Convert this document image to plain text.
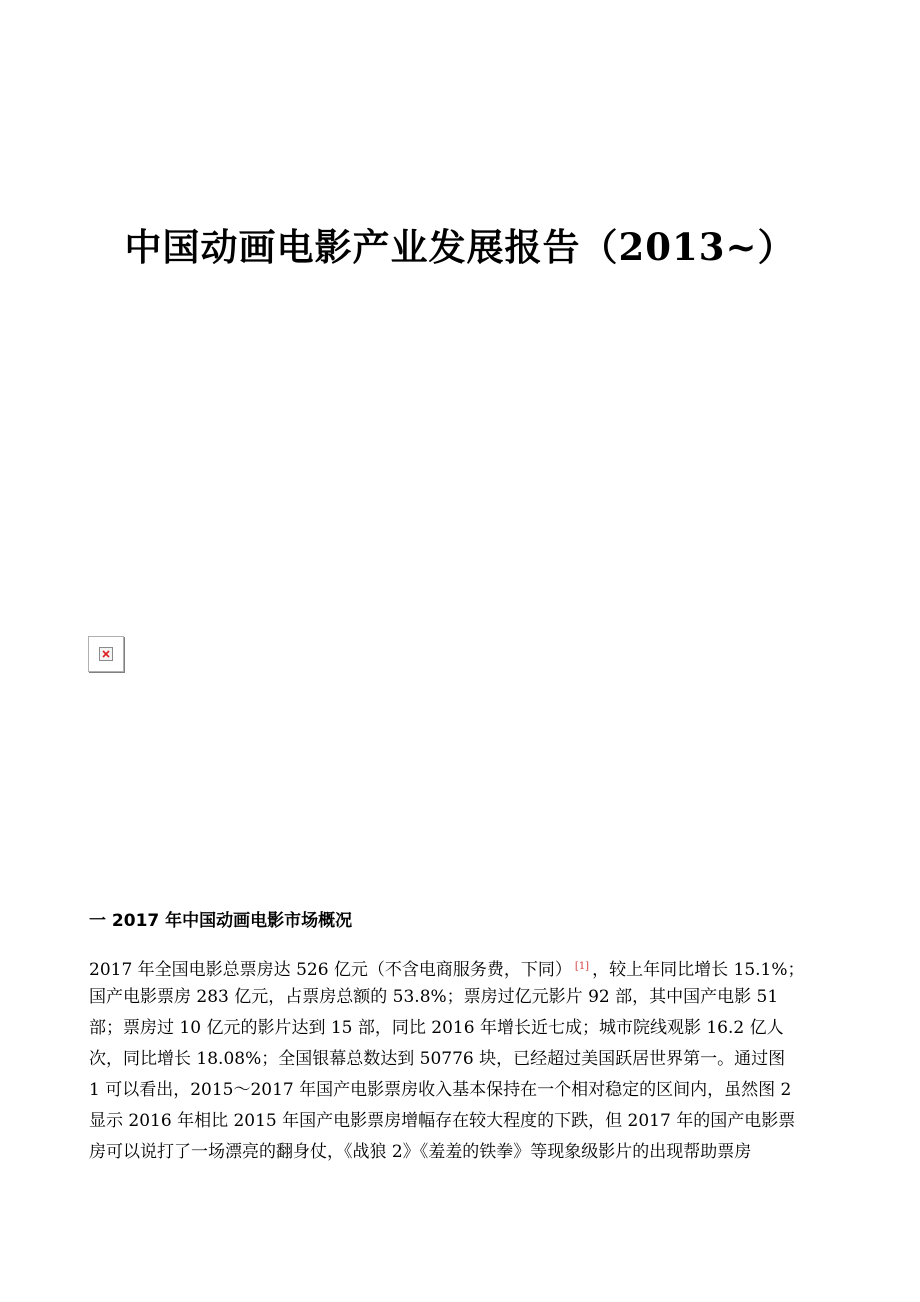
中国动画电影产业发展报告（2013~）
一 2017 年中国动画电影市场概况
2017 年全国电影总票房达 526 亿元（不含电商服务费，下同） [1] ，较上年同比增长 15.1%；
国产电影票房 283 亿元，占票房总额的 53.8%；票房过亿元影片 92 部，其中国产电影 51
部；票房过 10 亿元的影片达到 15 部，同比 2016 年增长近七成；城市院线观影 16.2 亿人
次，同比增长 18.08%；全国银幕总数达到 50776 块，已经超过美国跃居世界第一。通过图
1 可以看出，2015～2017 年国产电影票房收入基本保持在一个相对稳定的区间内，虽然图 2
显示 2016 年相比 2015 年国产电影票房增幅存在较大程度的下跌，但 2017 年的国产电影票
房可以说打了一场漂亮的翻身仗，《战狼 2》《羞羞的铁拳》等现象级影片的出现帮助票房
